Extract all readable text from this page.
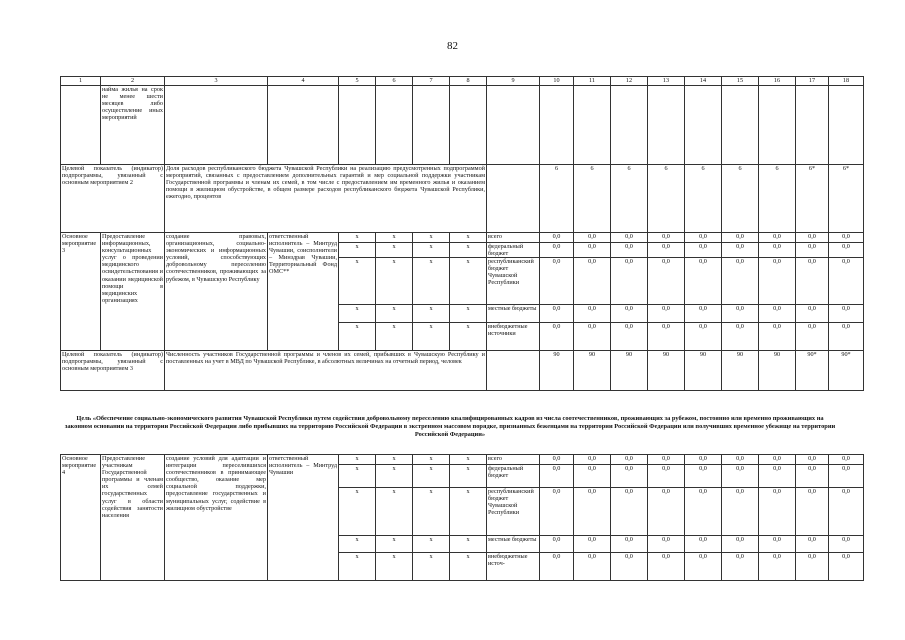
82
1	2	3	4	5	6	7	8	9	10	11	12	13	14	15	16	17	18
	найма жилья на срок не менее шести месяцев либо осуществление иных мероприятий																
Целевой показатель (индикатор) подпрограммы, увязанный с основным мероприятием 2		Доля расходов республиканского бюджета Чувашской Республики на реализацию предусмотренных подпрограммой мероприятий, связанных с предоставлением дополнительных гарантий и мер социальной поддержки участникам Государственной программы и членам их семей, в том числе с предоставлением им временного жилья и оказанием помощи в жилищном обустройстве, в общем размере расходов республиканского бюджета Чувашской Республики, ежегодно, процентов							6	6	6	6	6	6	6	6*	6*
Основное мероприятие 3	Предоставление информационных, консультационных услуг о проведении медицинского освидетельствования и оказании медицинской помощи в медицинских организациях	создание правовых, организационных, социально-экономических и информационных условий, способствующих добровольному переселению соотечественников, проживающих за рубежом, в Чувашскую Республику	ответственный исполнитель – Минтруд Чувашии, соисполнители – Минздрав Чувашии, Территориальный Фонд ОМС**	x	x	x	x	всего	0,0	0,0	0,0	0,0	0,0	0,0	0,0	0,0	0,0
				x	x	x	x	федеральный бюджет	0,0	0,0	0,0	0,0	0,0	0,0	0,0	0,0	0,0
				x	x	x	x	республиканский бюджет Чувашской Республики	0,0	0,0	0,0	0,0	0,0	0,0	0,0	0,0	0,0
				x	x	x	x	местные бюджеты	0,0	0,0	0,0	0,0	0,0	0,0	0,0	0,0	0,0
				x	x	x	x	внебюджетные источники	0,0	0,0	0,0	0,0	0,0	0,0	0,0	0,0	0,0
Целевой показатель (индикатор) подпрограммы, увязанный с основным мероприятием 3		Численность участников Государственной программы и членов их семей, прибывших в Чувашскую Республику и поставленных на учет в МВД по Чувашской Республике, в абсолютных величинах на отчетный период, человек							90	90	90	90	90	90	90	90*	90*
Цель «Обеспечение социально-экономического развития Чувашской Республики путем содействия добровольному переселению квалифицированных кадров из числа соотечественников, проживающих за рубежом, постоянно или временно проживающих на законном основании на территории Российской Федерации либо прибывших на территорию Российской Федерации в экстренном массовом порядке, признанных беженцами на территории Российской Федерации или получивших временное убежище на территории Российской Федерации»
Основное мероприятие 4	Предоставление участникам Государственной программы и членам их семей государственных услуг в области содействия занятости населения	создание условий для адаптации и интеграции переселившихся соотечественников в принимающее сообщество, оказание мер социальной поддержки, предоставление государственных и муниципальных услуг, содействие в жилищном обустройстве	ответственный исполнитель – Минтруд Чувашии	x	x	x	x	всего	0,0	0,0	0,0	0,0	0,0	0,0	0,0	0,0	0,0
				x	x	x	x	федеральный бюджет	0,0	0,0	0,0	0,0	0,0	0,0	0,0	0,0	0,0
				x	x	x	x	республиканский бюджет Чувашской Республики	0,0	0,0	0,0	0,0	0,0	0,0	0,0	0,0	0,0
				x	x	x	x	местные бюджеты	0,0	0,0	0,0	0,0	0,0	0,0	0,0	0,0	0,0
				x	x	x	x	внебюджетные источ-	0,0	0,0	0,0	0,0	0,0	0,0	0,0	0,0	0,0
